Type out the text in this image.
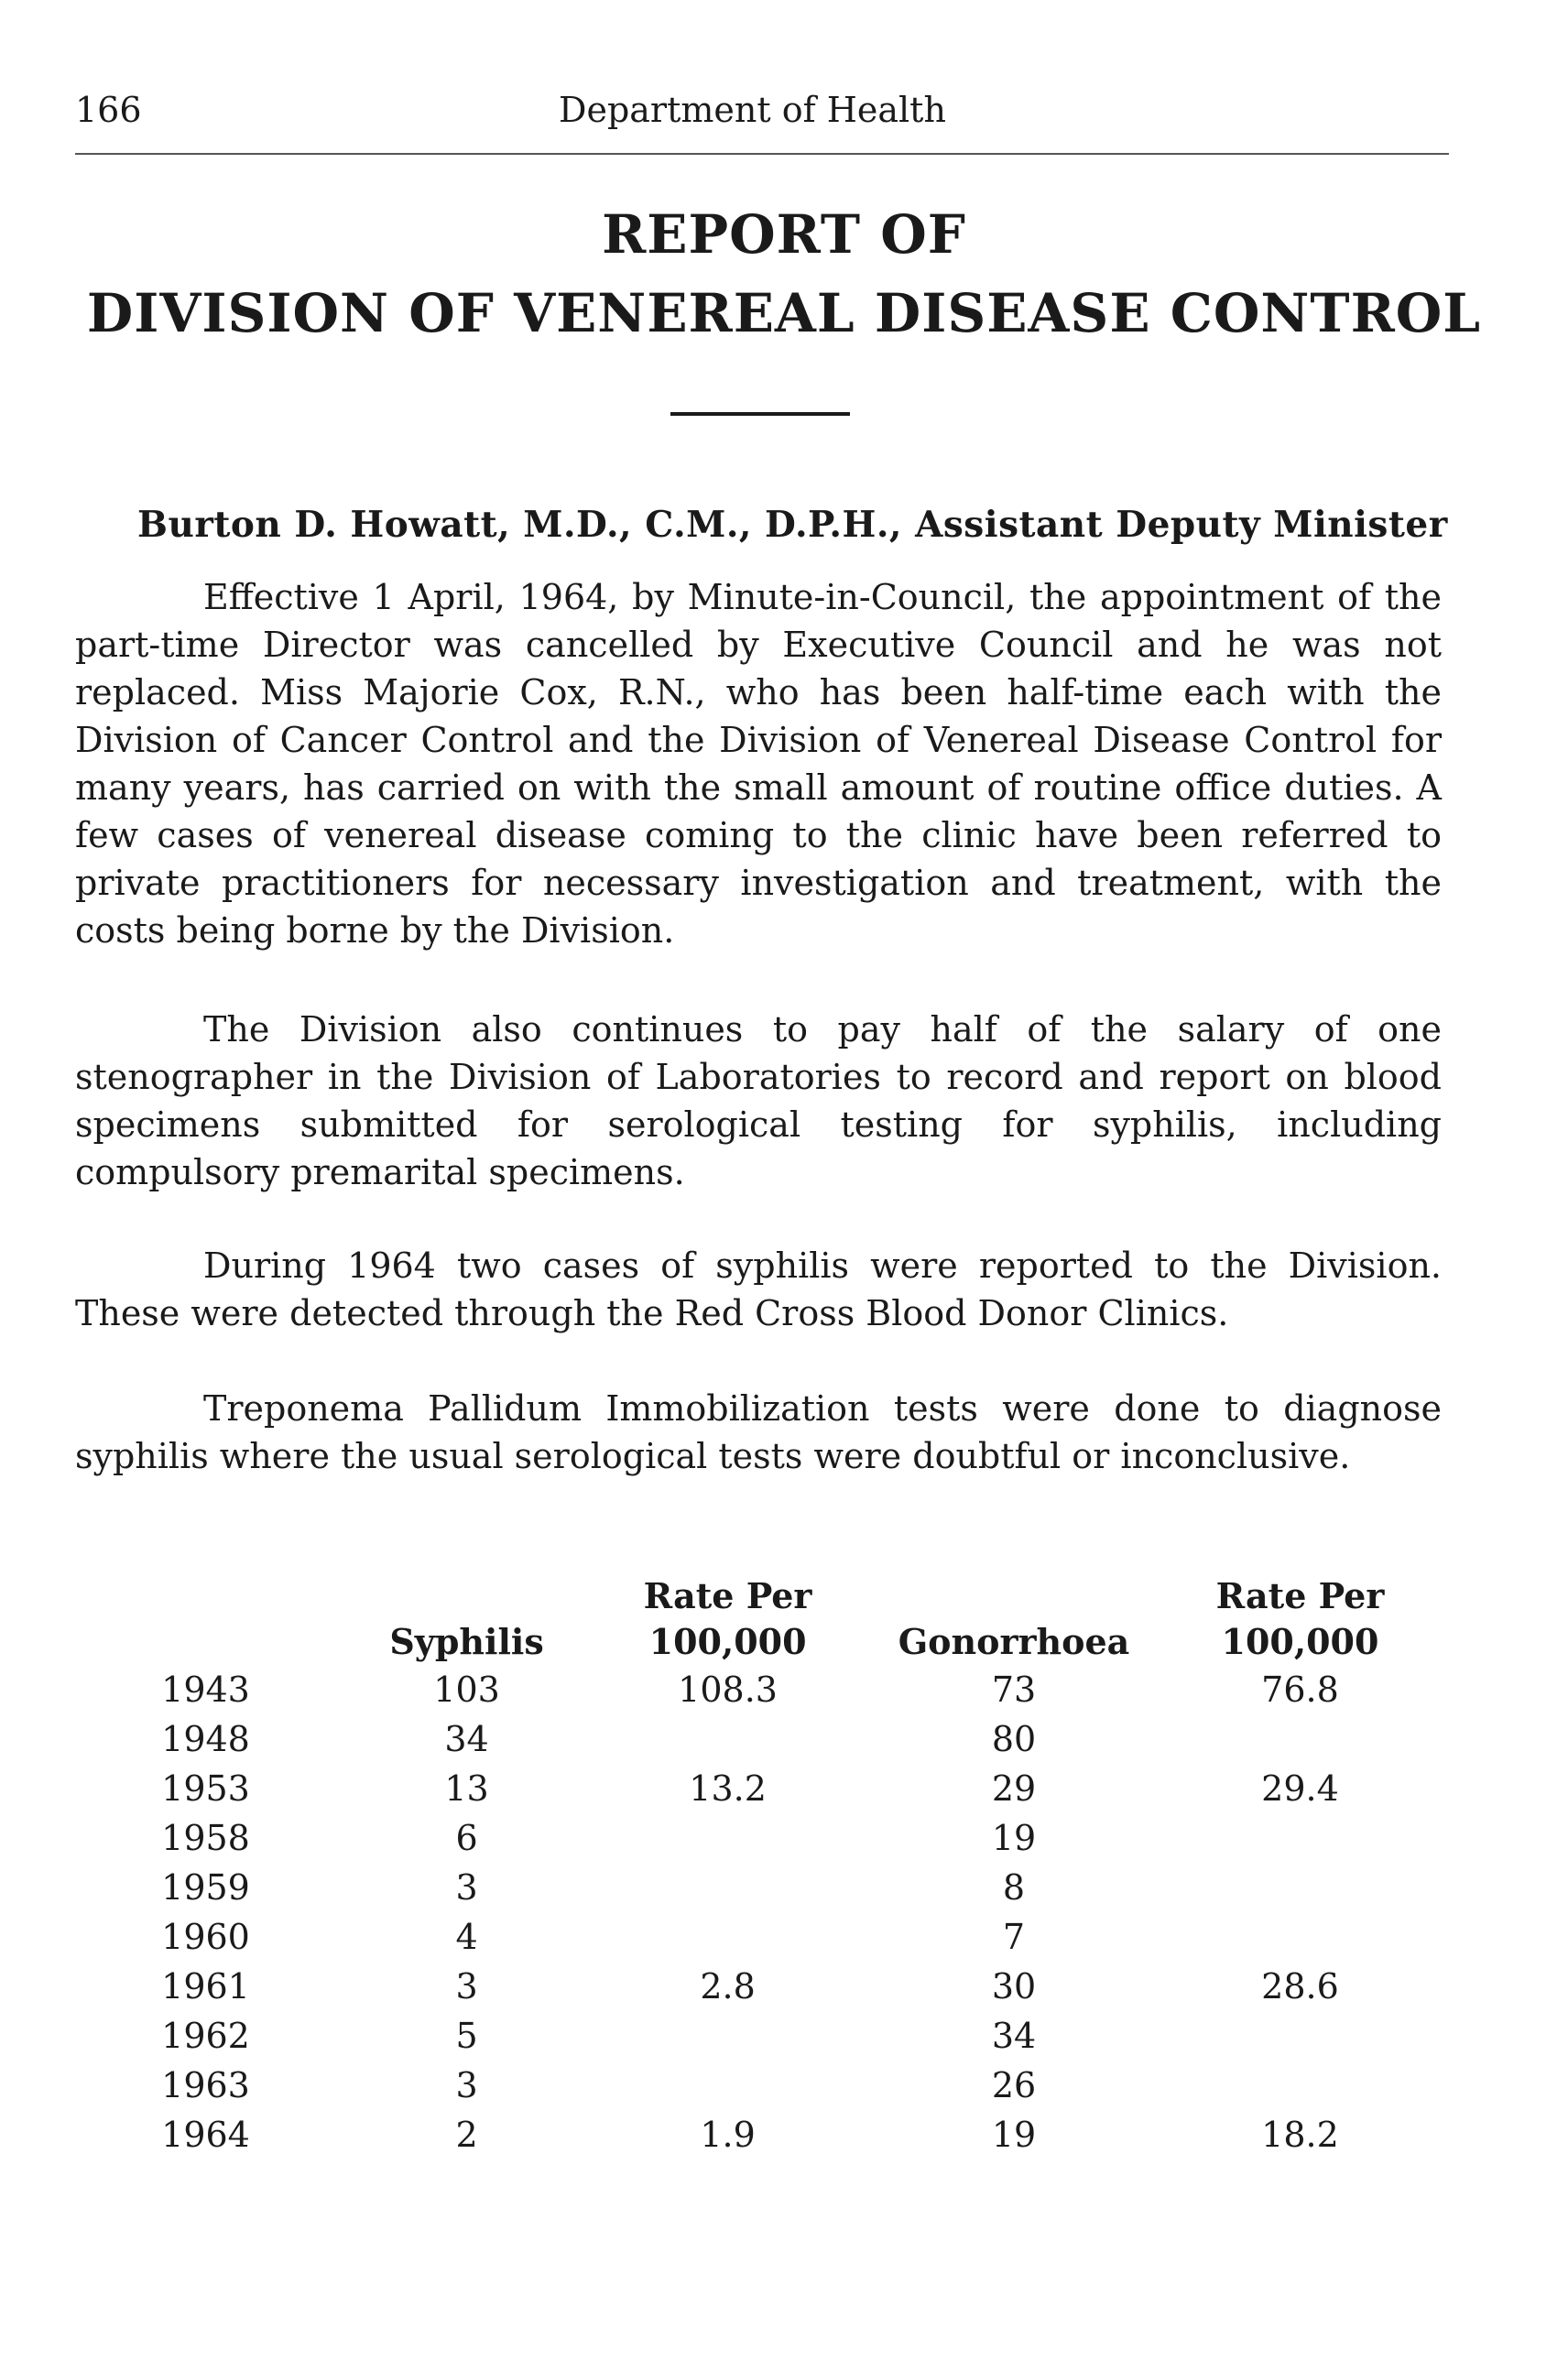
166	Department of Health
REPORT OF
DIVISION OF VENEREAL DISEASE CONTROL
Burton D. Howatt, M.D., C.M., D.P.H., Assistant Deputy Minister

Effective 1 April, 1964, by Minute-in-Council, the appointment of the part-time Director was cancelled by Executive Council and he was not replaced. Miss Majorie Cox, R.N., who has been half-time each with the Division of Cancer Control and the Division of Venereal Disease Control for many years, has carried on with the small amount of routine office duties. A few cases of venereal disease coming to the clinic have been referred to private practitioners for necessary investigation and treatment, with the costs being borne by the Division.

The Division also continues to pay half of the salary of one stenographer in the Division of Laboratories to record and report on blood specimens submitted for serological testing for syphilis, including compulsory premarital specimens.

During 1964 two cases of syphilis were reported to the Division. These were detected through the Red Cross Blood Donor Clinics.

Treponema Pallidum Immobilization tests were done to diagnose syphilis where the usual serological tests were doubtful or inconclusive.

	Syphilis	Rate Per 100,000	Gonorrhoea	Rate Per 100,000
1943	103	108.3	73	76.8
1948	34		80	
1953	13	13.2	29	29.4
1958	6		19	
1959	3		8	
1960	4		7	
1961	3	2.8	30	28.6
1962	5		34	
1963	3		26	
1964	2	1.9	19	18.2
